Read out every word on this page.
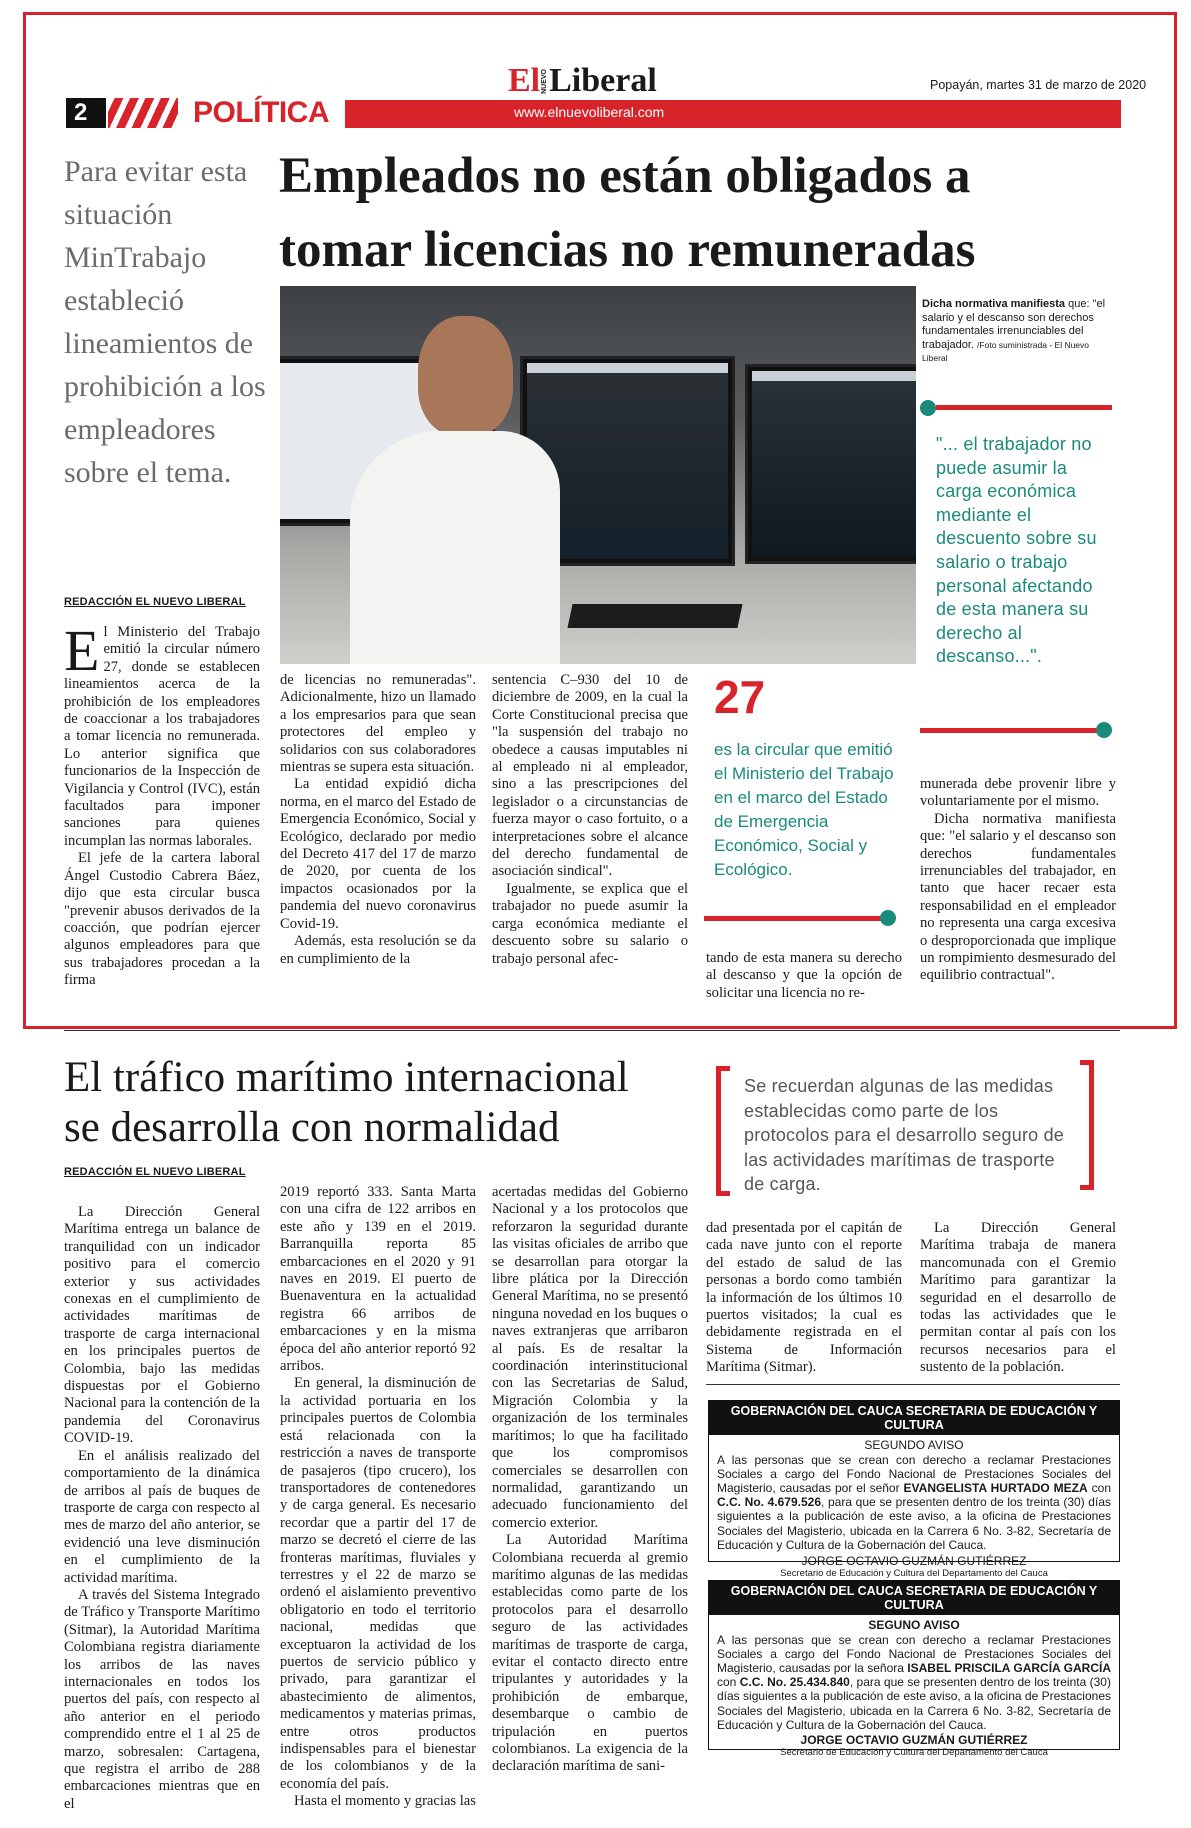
2	POLÍTICA	www.elnuevoliberal.com
El NUEVO Liberal	Popayán, martes 31 de marzo de 2020
Empleados no están obligados a
tomar licencias no remuneradas
Para evitar esta situación MinTrabajo estableció lineamientos de prohibición a los empleadores sobre el tema.
REDACCIÓN EL NUEVO LIBERAL
Dicha normativa manifiesta que: "el salario y el descanso son derechos fundamentales irrenunciables del trabajador. /Foto suministrada - El Nuevo Liberal
"... el trabajador no puede asumir la carga económica mediante el descuento sobre su salario o trabajo personal afectando de esta manera su derecho al descanso...".
27
es la circular que emitió el Ministerio del Trabajo en el marco del Estado de Emergencia Económico, Social y Ecológico.
E l Ministerio del Trabajo emitió la circular número 27, donde se establecen lineamientos acerca de la prohibición de los empleadores de coaccionar a los trabajadores a tomar licencia no remunerada. Lo anterior significa que funcionarios de la Inspección de Vigilancia y Control (IVC), están facultados para imponer sanciones para quienes incumplan las normas laborales.

El jefe de la cartera laboral Ángel Custodio Cabrera Báez, dijo que esta circular busca "prevenir abusos derivados de la coacción, que podrían ejercer algunos empleadores para que sus trabajadores procedan a la firma

de licencias no remuneradas". Adicionalmente, hizo un llamado a los empresarios para que sean protectores del empleo y solidarios con sus colaboradores mientras se supera esta situación.

La entidad expidió dicha norma, en el marco del Estado de Emergencia Económico, Social y Ecológico, declarado por medio del Decreto 417 del 17 de marzo de 2020, por cuenta de los impactos ocasionados por la pandemia del nuevo coronavirus Covid-19.

Además, esta resolución se da en cumplimiento de la

sentencia C–930 del 10 de diciembre de 2009, en la cual la Corte Constitucional precisa que "la suspensión del trabajo no obedece a causas imputables ni al empleado ni al empleador, sino a las prescripciones del legislador o a circunstancias de fuerza mayor o caso fortuito, o a interpretaciones sobre el alcance del derecho fundamental de asociación sindical".

Igualmente, se explica que el trabajador no puede asumir la carga económica mediante el descuento sobre su salario o trabajo personal afec-	tando de esta manera su derecho al descanso y que la opción de solicitar una licencia no re-

munerada debe provenir libre y voluntariamente por el mismo.

Dicha normativa manifiesta que: "el salario y el descanso son derechos fundamentales irrenunciables del trabajador, en tanto que hacer recaer esta responsabilidad en el empleador no representa una carga excesiva o desproporcionada que implique un rompimiento desmesurado del equilibrio contractual".

El tráfico marítimo internacional
se desarrolla con normalidad
REDACCIÓN EL NUEVO LIBERAL
Se recuerdan algunas de las medidas establecidas como parte de los protocolos para el desarrollo seguro de las actividades marítimas de trasporte de carga.

La Dirección General Marítima entrega un balance de tranquilidad con un indicador positivo para el comercio exterior y sus actividades conexas en el cumplimiento de actividades marítimas de trasporte de carga internacional en los principales puertos de Colombia, bajo las medidas dispuestas por el Gobierno Nacional para la contención de la pandemia del Coronavirus COVID-19.

En el análisis realizado del comportamiento de la dinámica de arribos al país de buques de trasporte de carga con respecto al mes de marzo del año anterior, se evidenció una leve disminución en el cumplimiento de la actividad marítima.

A través del Sistema Integrado de Tráfico y Transporte Marítimo (Sitmar), la Autoridad Marítima Colombiana registra diariamente los arribos de las naves internacionales en todos los puertos del país, con respecto al año anterior en el periodo comprendido entre el 1 al 25 de marzo, sobresalen: Cartagena, que registra el arribo de 288 embarcaciones mientras que en el

2019 reportó 333. Santa Marta con una cifra de 122 arribos en este año y 139 en el 2019. Barranquilla reporta 85 embarcaciones en el 2020 y 91 naves en 2019. El puerto de Buenaventura en la actualidad registra 66 arribos de embarcaciones y en la misma época del año anterior reportó 92 arribos.

En general, la disminución de la actividad portuaria en los principales puertos de Colombia está relacionada con la restricción a naves de transporte de pasajeros (tipo crucero), los transportadores de contenedores y de carga general. Es necesario recordar que a partir del 17 de marzo se decretó el cierre de las fronteras marítimas, fluviales y terrestres y el 22 de marzo se ordenó el aislamiento preventivo obligatorio en todo el territorio nacional, medidas que exceptuaron la actividad de los puertos de servicio público y privado, para garantizar el abastecimiento de alimentos, medicamentos y materias primas, entre otros productos indispensables para el bienestar de los colombianos y de la economía del país.

Hasta el momento y gracias las

acertadas medidas del Gobierno Nacional y a los protocolos que reforzaron la seguridad durante las visitas oficiales de arribo que se desarrollan para otorgar la libre plática por la Dirección General Marítima, no se presentó ninguna novedad en los buques o naves extranjeras que arribaron al país. Es de resaltar la coordinación interinstitucional con las Secretarias de Salud, Migración Colombia y la organización de los terminales marítimos; lo que ha facilitado que los compromisos comerciales se desarrollen con normalidad, garantizando un adecuado funcionamiento del comercio exterior.

La Autoridad Marítima Colombiana recuerda al gremio marítimo algunas de las medidas establecidas como parte de los protocolos para el desarrollo seguro de las actividades marítimas de trasporte de carga, evitar el contacto directo entre tripulantes y autoridades y la prohibición de embarque, desembarque o cambio de tripulación en puertos colombianos. La exigencia de la declaración marítima de sani-

dad presentada por el capitán de cada nave junto con el reporte del estado de salud de las personas a bordo como también la información de los últimos 10 puertos visitados; la cual es debidamente registrada en el Sistema de Información Marítima (Sitmar).

La Dirección General Marítima trabaja de manera mancomunada con el Gremio Marítimo para garantizar la seguridad en el desarrollo de todas las actividades que le permitan contar al país con los recursos necesarios para el sustento de la población.

GOBERNACIÓN DEL CAUCA SECRETARIA DE EDUCACIÓN Y CULTURA
SEGUNDO AVISO
A las personas que se crean con derecho a reclamar Prestaciones Sociales a cargo del Fondo Nacional de Prestaciones Sociales del Magisterio, causadas por el señor EVANGELISTA HURTADO MEZA con C.C. No. 4.679.526, para que se presenten dentro de los treinta (30) días siguientes a la publicación de este aviso, a la oficina de Prestaciones Sociales del Magisterio, ubicada en la Carrera 6 No. 3-82, Secretaría de Educación y Cultura de la Gobernación del Cauca.
JORGE OCTAVIO GUZMÁN GUTIÉRREZ
Secretario de Educación y Cultura del Departamento del Cauca
GOBERNACIÓN DEL CAUCA SECRETARIA DE EDUCACIÓN Y CULTURA
SEGUNO AVISO
A las personas que se crean con derecho a reclamar Prestaciones Sociales a cargo del Fondo Nacional de Prestaciones Sociales del Magisterio, causadas por la señora ISABEL PRISCILA GARCÍA GARCÍA con C.C. No. 25.434.840, para que se presenten dentro de los treinta (30) días siguientes a la publicación de este aviso, a la oficina de Prestaciones Sociales del Magisterio, ubicada en la Carrera 6 No. 3-82, Secretaría de Educación y Cultura de la Gobernación del Cauca.
JORGE OCTAVIO GUZMÁN GUTIÉRREZ
Secretario de Educación y Cultura del Departamento del Cauca
